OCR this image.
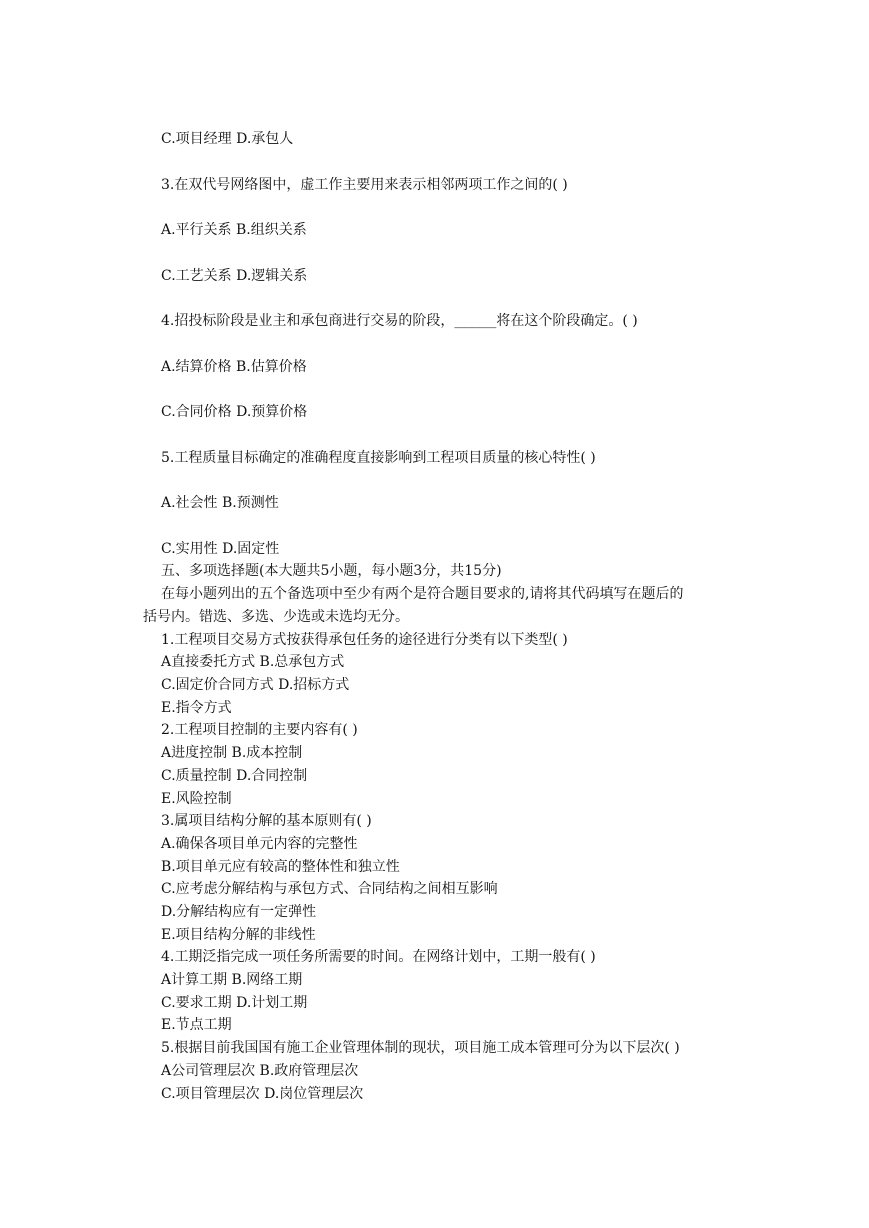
C.项目经理 D.承包人
3.在双代号网络图中，虚工作主要用来表示相邻两项工作之间的( )
A.平行关系 B.组织关系
C.工艺关系 D.逻辑关系
4.招投标阶段是业主和承包商进行交易的阶段，______将在这个阶段确定。( )
A.结算价格 B.估算价格
C.合同价格 D.预算价格
5.工程质量目标确定的准确程度直接影响到工程项目质量的核心特性( )
A.社会性 B.预测性
C.实用性 D.固定性
五、多项选择题(本大题共5小题，每小题3分，共15分)
在每小题列出的五个备选项中至少有两个是符合题目要求的,请将其代码填写在题后的
括号内。错选、多选、少选或未选均无分。
1.工程项目交易方式按获得承包任务的途径进行分类有以下类型( )
A直接委托方式 B.总承包方式
C.固定价合同方式 D.招标方式
E.指令方式
2.工程项目控制的主要内容有( )
A进度控制 B.成本控制
C.质量控制 D.合同控制
E.风险控制
3.属项目结构分解的基本原则有( )
A.确保各项目单元内容的完整性
B.项目单元应有较高的整体性和独立性
C.应考虑分解结构与承包方式、合同结构之间相互影响
D.分解结构应有一定弹性
E.项目结构分解的非线性
4.工期泛指完成一项任务所需要的时间。在网络计划中，工期一般有( )
A计算工期 B.网络工期
C.要求工期 D.计划工期
E.节点工期
5.根据目前我国国有施工企业管理体制的现状，项目施工成本管理可分为以下层次( )
A公司管理层次 B.政府管理层次
C.项目管理层次 D.岗位管理层次
